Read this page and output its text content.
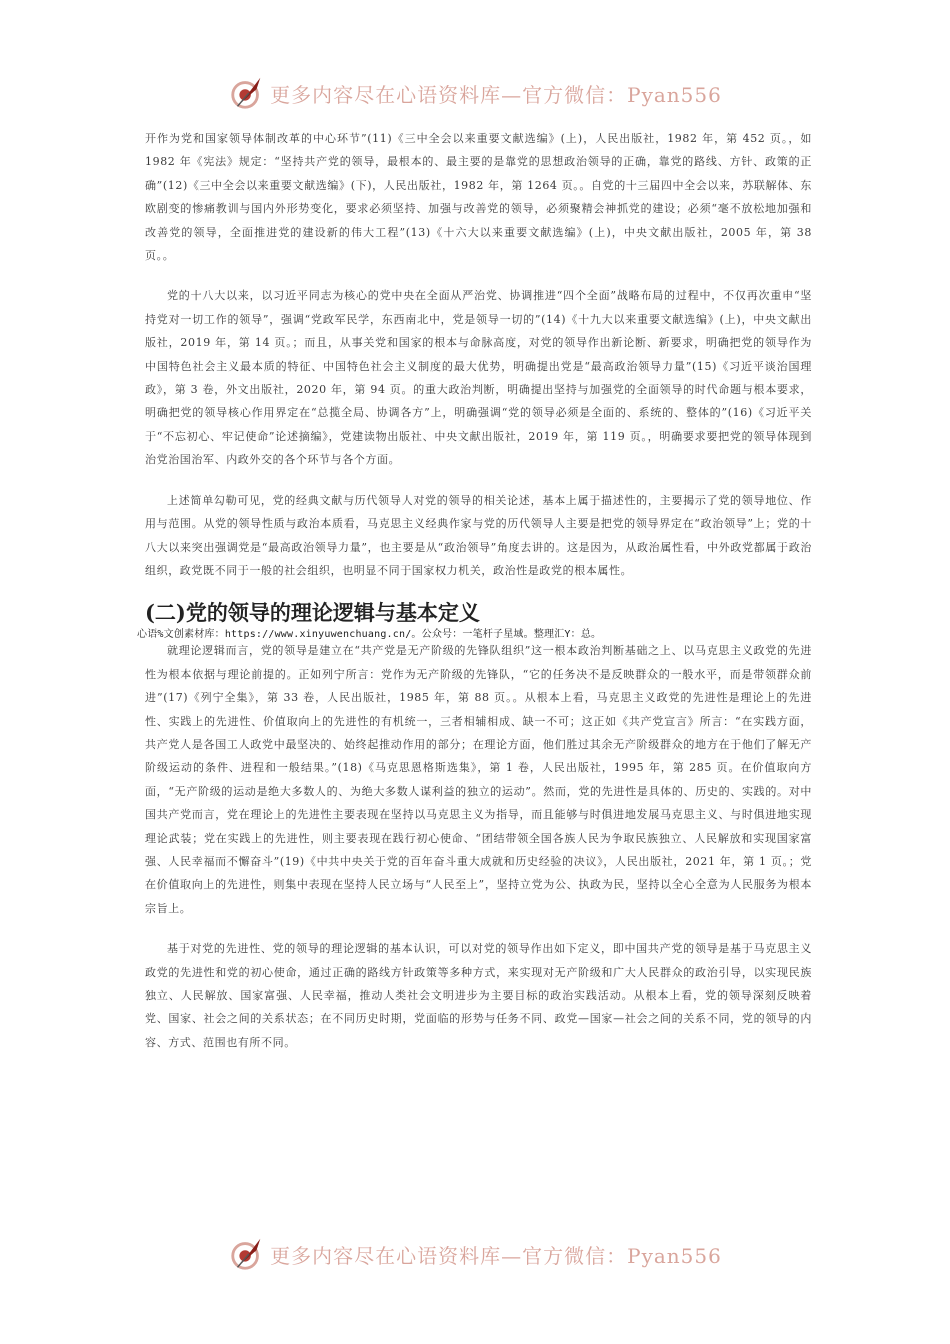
更多内容尽在心语资料库—官方微信：Pyan556

开作为党和国家领导体制改革的中心环节”(11)《三中全会以来重要文献选编》(上)，人民出版社，1982 年，第 452 页。，如 1982 年《宪法》规定：“坚持共产党的领导，最根本的、最主要的是靠党的思想政治领导的正确，靠党的路线、方针、政策的正确”(12)《三中全会以来重要文献选编》(下)，人民出版社，1982 年，第 1264 页。。自党的十三届四中全会以来，苏联解体、东欧剧变的惨痛教训与国内外形势变化，要求必须坚持、加强与改善党的领导，必须聚精会神抓党的建设；必须“毫不放松地加强和改善党的领导，全面推进党的建设新的伟大工程”(13)《十六大以来重要文献选编》(上)，中央文献出版社，2005 年，第 38 页。。

党的十八大以来，以习近平同志为核心的党中央在全面从严治党、协调推进“四个全面”战略布局的过程中，不仅再次重申“坚持党对一切工作的领导”，强调“党政军民学，东西南北中，党是领导一切的”(14)《十九大以来重要文献选编》(上)，中央文献出版社，2019 年，第 14 页。；而且，从事关党和国家的根本与命脉高度，对党的领导作出新论断、新要求，明确把党的领导作为中国特色社会主义最本质的特征、中国特色社会主义制度的最大优势，明确提出党是“最高政治领导力量”(15)《习近平谈治国理政》，第 3 卷，外文出版社，2020 年，第 94 页。的重大政治判断，明确提出坚持与加强党的全面领导的时代命题与根本要求，明确把党的领导核心作用界定在“总揽全局、协调各方”上，明确强调“党的领导必须是全面的、系统的、整体的”(16)《习近平关于“不忘初心、牢记使命”论述摘编》，党建读物出版社、中央文献出版社，2019 年，第 119 页。，明确要求要把党的领导体现到治党治国治军、内政外交的各个环节与各个方面。

上述简单勾勒可见，党的经典文献与历代领导人对党的领导的相关论述，基本上属于描述性的，主要揭示了党的领导地位、作用与范围。从党的领导性质与政治本质看，马克思主义经典作家与党的历代领导人主要是把党的领导界定在“政治领导”上；党的十八大以来突出强调党是“最高政治领导力量”，也主要是从“政治领导”角度去讲的。这是因为，从政治属性看，中外政党都属于政治组织，政党既不同于一般的社会组织，也明显不同于国家权力机关，政治性是政党的根本属性。

(二)党的领导的理论逻辑与基本定义
心语%文创素材库：https://www.xinyuwenchuang.cn/。公众号：一笔杆子星域。整理汇Y：总。

就理论逻辑而言，党的领导是建立在“共产党是无产阶级的先锋队组织”这一根本政治判断基础之上、以马克思主义政党的先进性为根本依据与理论前提的。正如列宁所言：党作为无产阶级的先锋队，“它的任务决不是反映群众的一般水平，而是带领群众前进”(17)《列宁全集》，第 33 卷，人民出版社，1985 年，第 88 页。。从根本上看，马克思主义政党的先进性是理论上的先进性、实践上的先进性、价值取向上的先进性的有机统一，三者相辅相成、缺一不可；这正如《共产党宣言》所言：“在实践方面，共产党人是各国工人政党中最坚决的、始终起推动作用的部分；在理论方面，他们胜过其余无产阶级群众的地方在于他们了解无产阶级运动的条件、进程和一般结果。”(18)《马克思恩格斯选集》，第 1 卷，人民出版社，1995 年，第 285 页。在价值取向方面，“无产阶级的运动是绝大多数人的、为绝大多数人谋利益的独立的运动”。然而，党的先进性是具体的、历史的、实践的。对中国共产党而言，党在理论上的先进性主要表现在坚持以马克思主义为指导，而且能够与时俱进地发展马克思主义、与时俱进地实现理论武装；党在实践上的先进性，则主要表现在践行初心使命、“团结带领全国各族人民为争取民族独立、人民解放和实现国家富强、人民幸福而不懈奋斗”(19)《中共中央关于党的百年奋斗重大成就和历史经验的决议》，人民出版社，2021 年，第 1 页。；党在价值取向上的先进性，则集中表现在坚持人民立场与“人民至上”，坚持立党为公、执政为民，坚持以全心全意为人民服务为根本宗旨上。

基于对党的先进性、党的领导的理论逻辑的基本认识，可以对党的领导作出如下定义，即中国共产党的领导是基于马克思主义政党的先进性和党的初心使命，通过正确的路线方针政策等多种方式，来实现对无产阶级和广大人民群众的政治引导，以实现民族独立、人民解放、国家富强、人民幸福，推动人类社会文明进步为主要目标的政治实践活动。从根本上看，党的领导深刻反映着党、国家、社会之间的关系状态；在不同历史时期，党面临的形势与任务不同、政党—国家—社会之间的关系不同，党的领导的内容、方式、范围也有所不同。

更多内容尽在心语资料库—官方微信：Pyan556
